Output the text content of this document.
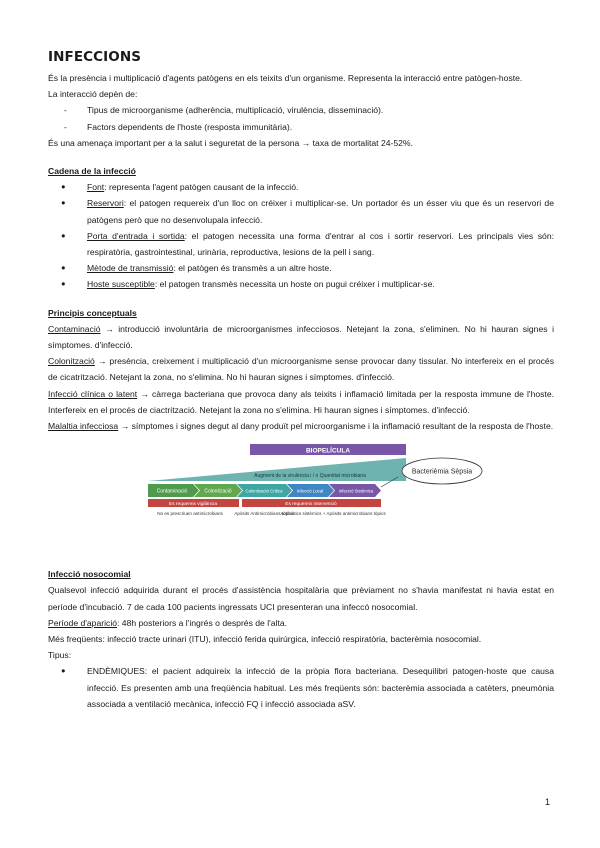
INFECCIONS

És la presència i multiplicació d'agents patògens en els teixits d'un organisme. Representa la interacció entre patògen-hoste.

La interacció depèn de:

- Tipus de microorganisme (adherència, multiplicació, virulència, disseminació).

- Factors dependents de l'hoste (resposta immunitària).

És una amenaça important per a la salut i seguretat de la persona → taxa de mortalitat 24-52%.

Cadena de la infecció
● Font: representa l'agent patògen causant de la infecció.
● Reservori: el patogen requereix d'un lloc on créixer i multiplicar-se. Un portador és un ésser viu que és un reservori de patògens però que no desenvolupala infecció.
● Porta d'entrada i sortida: el patogen necessita una forma d'entrar al cos i sortir reservori. Les principals vies són: respiratòria, gastrointestinal, urinària, reproductiva, lesions de la pell i sang.
● Mètode de transmissió: el patògen és transmès a un altre hoste.
● Hoste susceptible: el patogen transmès necessita un hoste on pugui créixer i multiplicar-se.
Principis conceptuals

Contaminació → introducció involuntària de microorganismes infecciosos. Netejant la zona, s'eliminen. No hi hauran signes i símptomes. d'infecció.

Colonització → presència, creixement i multiplicació d'un microorganisme sense provocar dany tissular. No interfereix en el procés de cicatrització. Netejant la zona, no s'elimina. No hi hauran signes i símptomes. d'infecció.

Infecció clínica o latent → càrrega bacteriana que provoca dany als teixits i inflamació limitada per la resposta immune de l'hoste. Interfereix en el procés de ciactrització. Netejant la zona no s'elimina. Hi hauran signes i símptomes. d'infecció.

Malaltia infecciosa → símptomes i signes degut al dany produït pel microorganisme i la inflamació resultant de la resposta de l'hoste.

BIOPELÍCULA
Augment de la virulència i / o Quantitat microbiana
Contaminació	Colonització	Colonització Crítica	Infecció Local	Infecció Sistèmica
Es requereix vigilància	Es requereix intervenció
Bacterièmia Sèpsia
No es prescriuen antimicrobians Apòsits Antimicrobians tòpics
Antibiòtics sistèmics + Apòsits antimicrobians tòpics
Infecció nosocomial

Qualsevol infecció adquirida durant el procés d'assistència hospitalària que prèviament no s'havia manifestat ni havia estat en període d'incubació. 7 de cada 100 pacients ingressats UCI presenteran una infeccó nosocomial.

Període d'aparició: 48h posteriors a l'ingrés o després de l'alta.

Més freqüents: infecció tracte urinari (ITU), infecció ferida quirúrgica, infecció respiratòria, bacterèmia nosocomial.

Tipus:

● ENDÈMIQUES: el pacient adquireix la infecció de la pròpia flora bacteriana. Desequilibri patogen-hoste que causa infecció. Es presenten amb una freqüència habitual. Les més freqüents són: bacterèmia associada a catèters, pneumònia associada a ventilació mecànica, infecció FQ i infecció associada aSV.
1
